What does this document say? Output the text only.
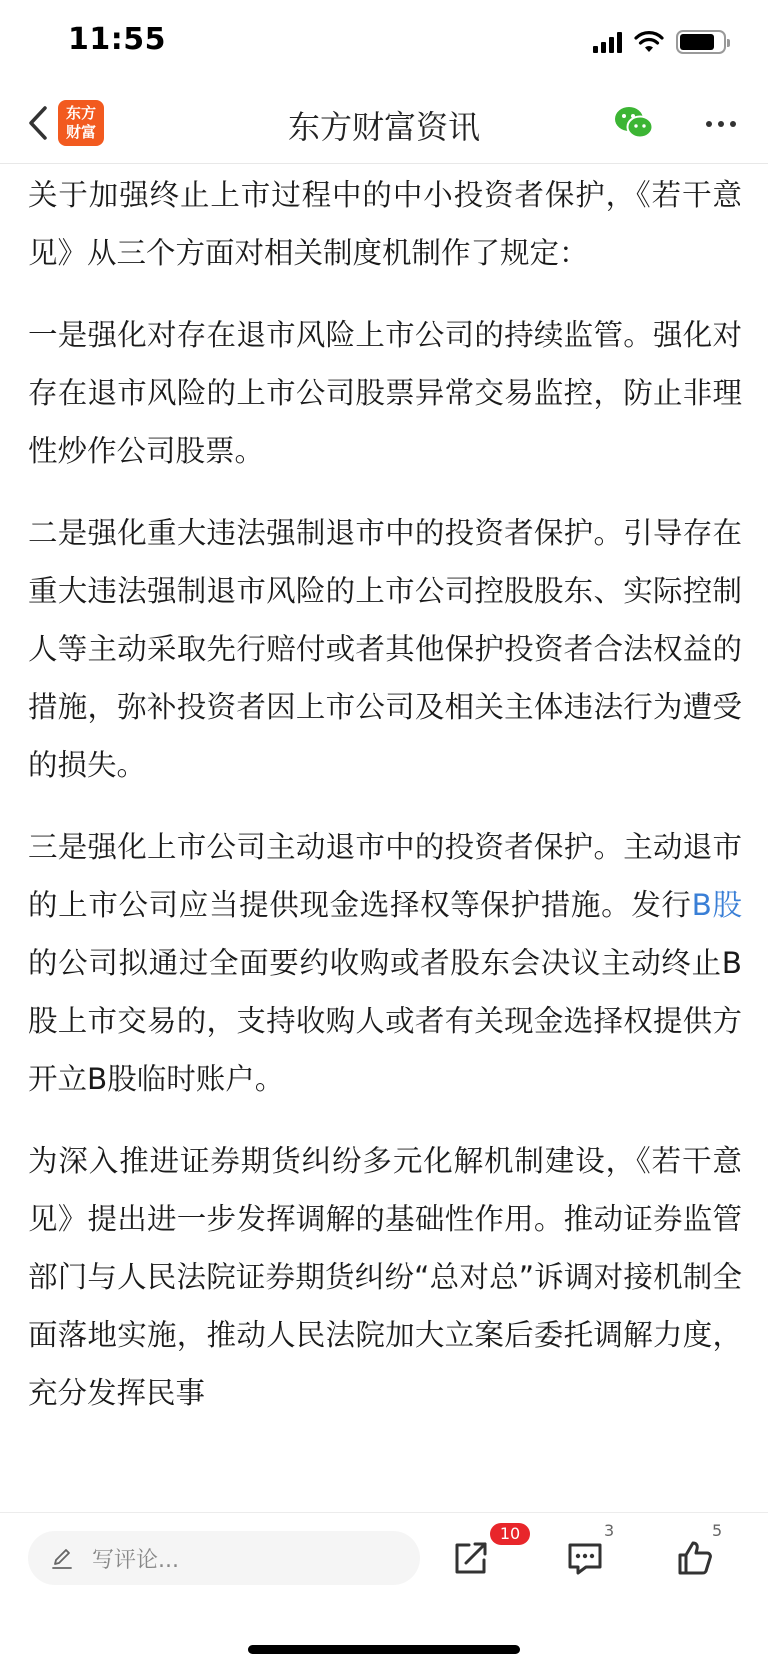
11:55
东方
财富	东方财富资讯

关于加强终止上市过程中的中小投资者保护，《若干意见》从三个方面对相关制度机制作了规定：

一是强化对存在退市风险上市公司的持续监管。强化对存在退市风险的上市公司股票异常交易监控，防止非理性炒作公司股票。

二是强化重大违法强制退市中的投资者保护。引导存在重大违法强制退市风险的上市公司控股股东、实际控制人等主动采取先行赔付或者其他保护投资者合法权益的措施，弥补投资者因上市公司及相关主体违法行为遭受的损失。

三是强化上市公司主动退市中的投资者保护。主动退市的上市公司应当提供现金选择权等保护措施。发行B股的公司拟通过全面要约收购或者股东会决议主动终止B股上市交易的，支持收购人或者有关现金选择权提供方开立B股临时账户。

为深入推进证券期货纠纷多元化解机制建设，《若干意见》提出进一步发挥调解的基础性作用。推动证券监管部门与人民法院证券期货纠纷“总对总”诉调对接机制全面落地实施，推动人民法院加大立案后委托调解力度，充分发挥民事

写评论...
10	3	5
